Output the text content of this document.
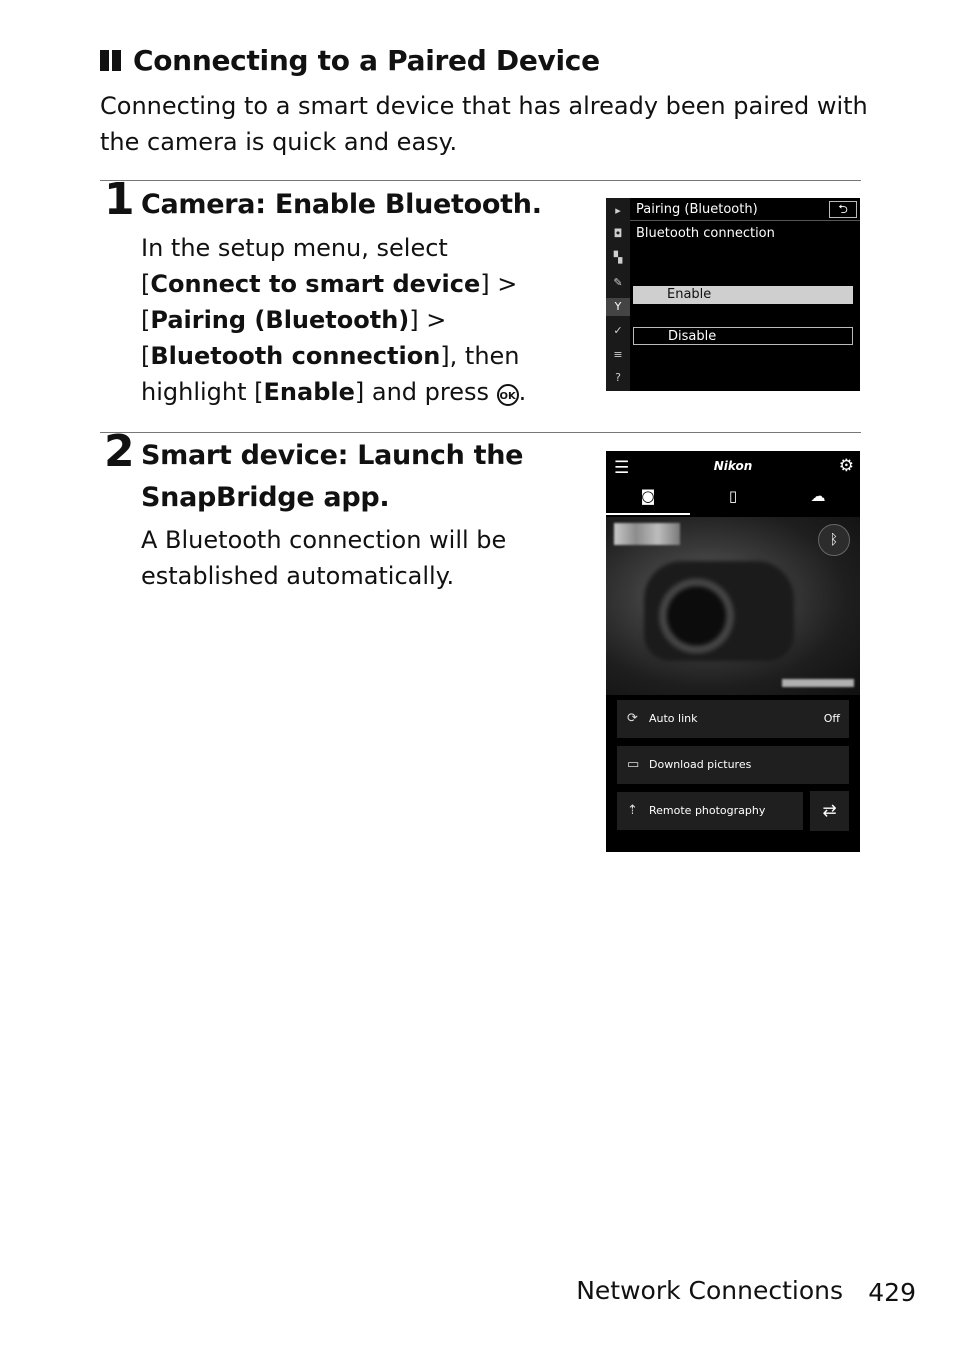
Connecting to a Paired Device
Connecting to a smart device that has already been paired with the camera is quick and easy.
1 Camera: Enable Bluetooth.
In the setup menu, select [Connect to smart device] > [Pairing (Bluetooth)] > [Bluetooth connection], then highlight [Enable] and press OK .
▸
◘
▚
✎
Y
✓
≡
?
Pairing (Bluetooth)	⮌
Bluetooth connection
Enable
Disable
2 Smart device: Launch the SnapBridge app.
A Bluetooth connection will be established automatically.
☰	Nikon	⚙
◙	▯	☁
ᛒ
⟳ Auto link	Off
▭ Download pictures
⇡ Remote photography	⇄
Network Connections 429
